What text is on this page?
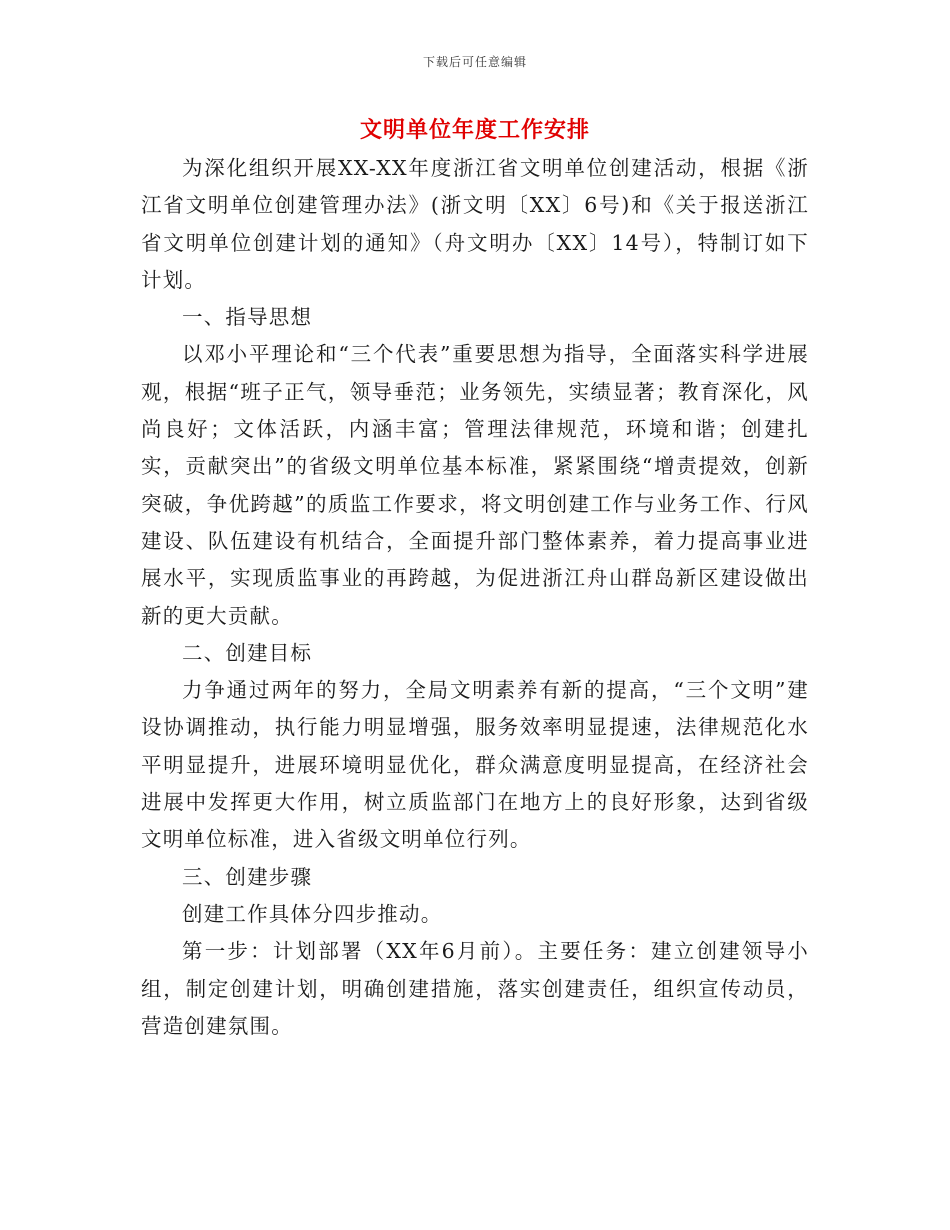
下载后可任意编辑
文明单位年度工作安排

为深化组织开展XX-XX年度浙江省文明单位创建活动，根据《浙江省文明单位创建管理办法》(浙文明〔XX〕6号)和《关于报送浙江省文明单位创建计划的通知》（舟文明办〔XX〕14号），特制订如下计划。

一、指导思想

以邓小平理论和“三个代表”重要思想为指导，全面落实科学进展观，根据“班子正气，领导垂范；业务领先，实绩显著；教育深化，风尚良好；文体活跃，内涵丰富；管理法律规范，环境和谐；创建扎实，贡献突出”的省级文明单位基本标准，紧紧围绕“增责提效，创新突破，争优跨越”的质监工作要求，将文明创建工作与业务工作、行风建设、队伍建设有机结合，全面提升部门整体素养，着力提高事业进展水平，实现质监事业的再跨越，为促进浙江舟山群岛新区建设做出新的更大贡献。

二、创建目标

力争通过两年的努力，全局文明素养有新的提高，“三个文明”建设协调推动，执行能力明显增强，服务效率明显提速，法律规范化水平明显提升，进展环境明显优化，群众满意度明显提高，在经济社会进展中发挥更大作用，树立质监部门在地方上的良好形象，达到省级文明单位标准，进入省级文明单位行列。

三、创建步骤

创建工作具体分四步推动。

第一步：计划部署（XX年6月前）。主要任务：建立创建领导小组，制定创建计划，明确创建措施，落实创建责任，组织宣传动员，营造创建氛围。
